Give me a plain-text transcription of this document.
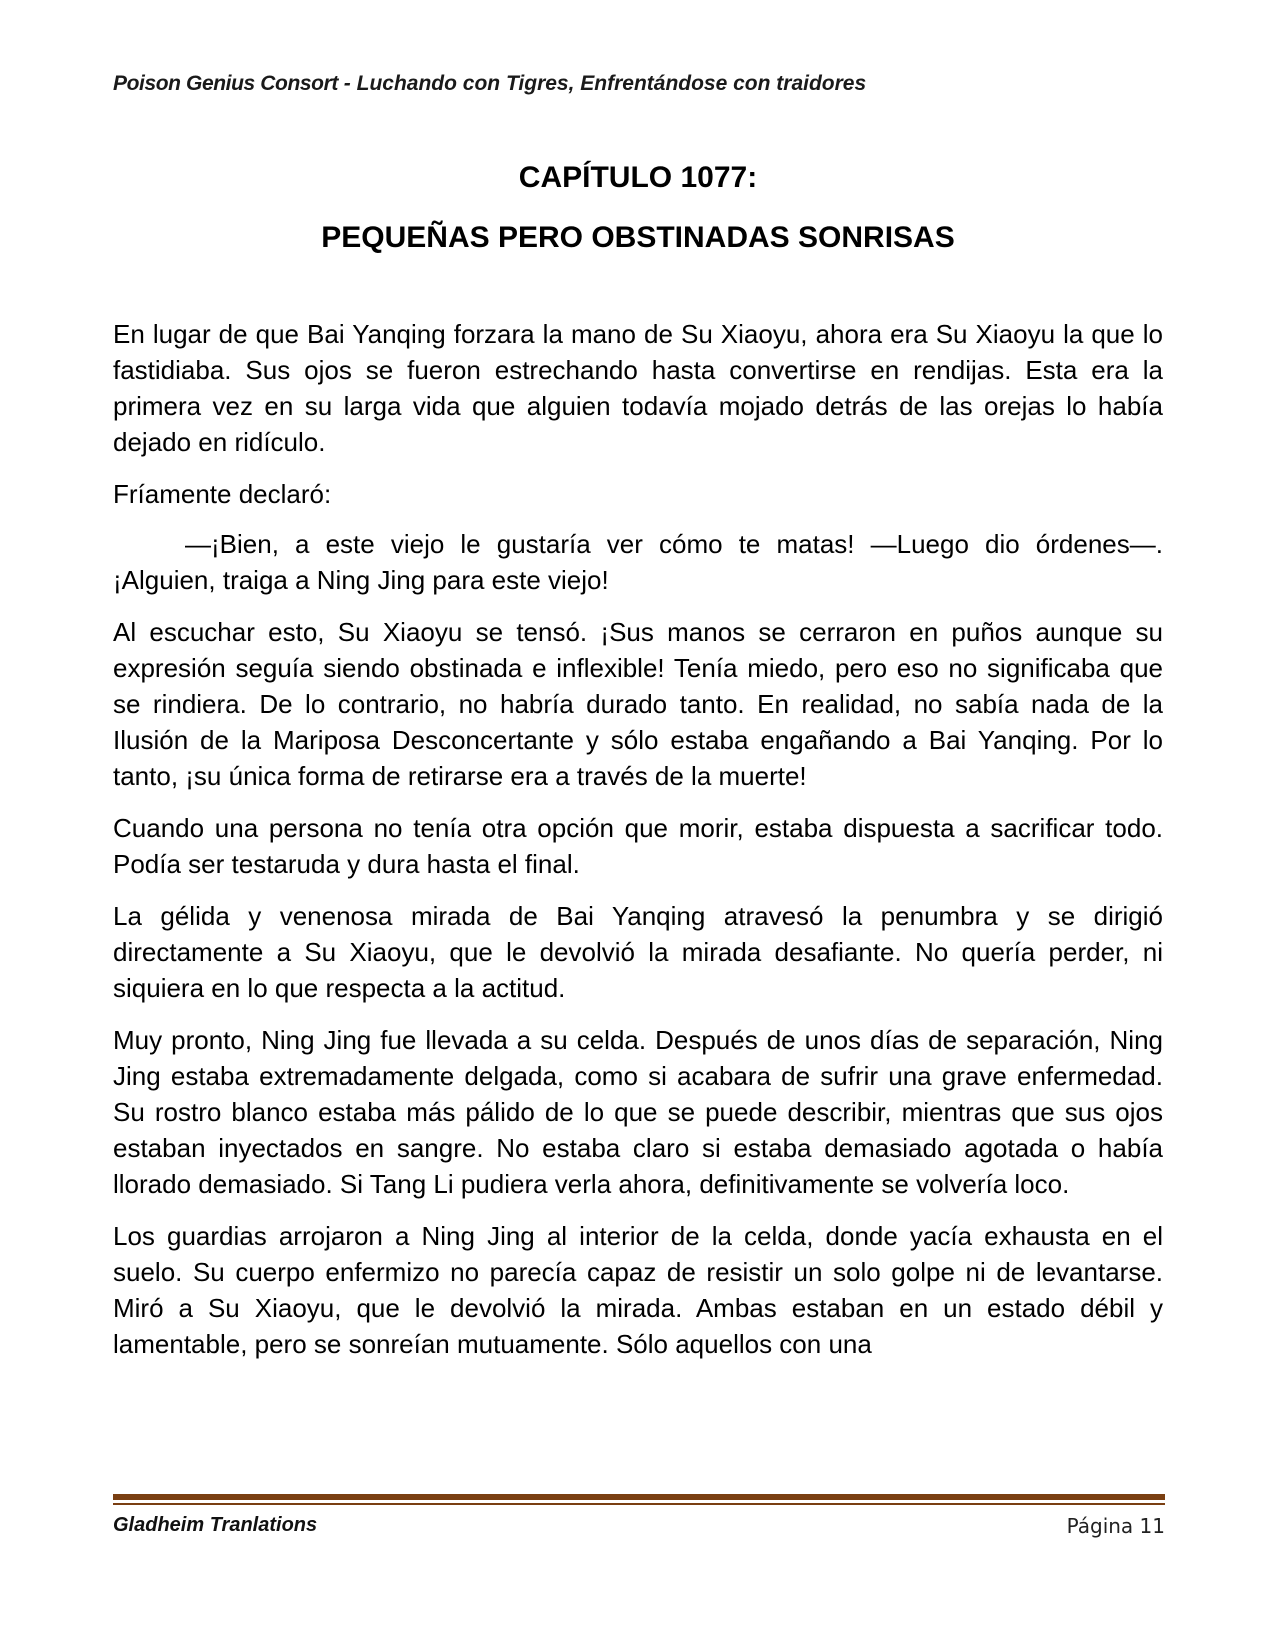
Poison Genius Consort - Luchando con Tigres, Enfrentándose con traidores
CAPÍTULO 1077:
PEQUEÑAS PERO OBSTINADAS SONRISAS

En lugar de que Bai Yanqing forzara la mano de Su Xiaoyu, ahora era Su Xiaoyu la que lo fastidiaba. Sus ojos se fueron estrechando hasta convertirse en rendijas. Esta era la primera vez en su larga vida que alguien todavía mojado detrás de las orejas lo había dejado en ridículo.

Fríamente declaró:

—¡Bien, a este viejo le gustaría ver cómo te matas! —Luego dio órdenes—. ¡Alguien, traiga a Ning Jing para este viejo!

Al escuchar esto, Su Xiaoyu se tensó. ¡Sus manos se cerraron en puños aunque su expresión seguía siendo obstinada e inflexible! Tenía miedo, pero eso no significaba que se rindiera. De lo contrario, no habría durado tanto. En realidad, no sabía nada de la Ilusión de la Mariposa Desconcertante y sólo estaba engañando a Bai Yanqing. Por lo tanto, ¡su única forma de retirarse era a través de la muerte!

Cuando una persona no tenía otra opción que morir, estaba dispuesta a sacrificar todo. Podía ser testaruda y dura hasta el final.

La gélida y venenosa mirada de Bai Yanqing atravesó la penumbra y se dirigió directamente a Su Xiaoyu, que le devolvió la mirada desafiante. No quería perder, ni siquiera en lo que respecta a la actitud.

Muy pronto, Ning Jing fue llevada a su celda. Después de unos días de separación, Ning Jing estaba extremadamente delgada, como si acabara de sufrir una grave enfermedad. Su rostro blanco estaba más pálido de lo que se puede describir, mientras que sus ojos estaban inyectados en sangre. No estaba claro si estaba demasiado agotada o había llorado demasiado. Si Tang Li pudiera verla ahora, definitivamente se volvería loco.

Los guardias arrojaron a Ning Jing al interior de la celda, donde yacía exhausta en el suelo. Su cuerpo enfermizo no parecía capaz de resistir un solo golpe ni de levantarse. Miró a Su Xiaoyu, que le devolvió la mirada. Ambas estaban en un estado débil y lamentable, pero se sonreían mutuamente. Sólo aquellos con una

Gladheim Tranlations	Página 11
